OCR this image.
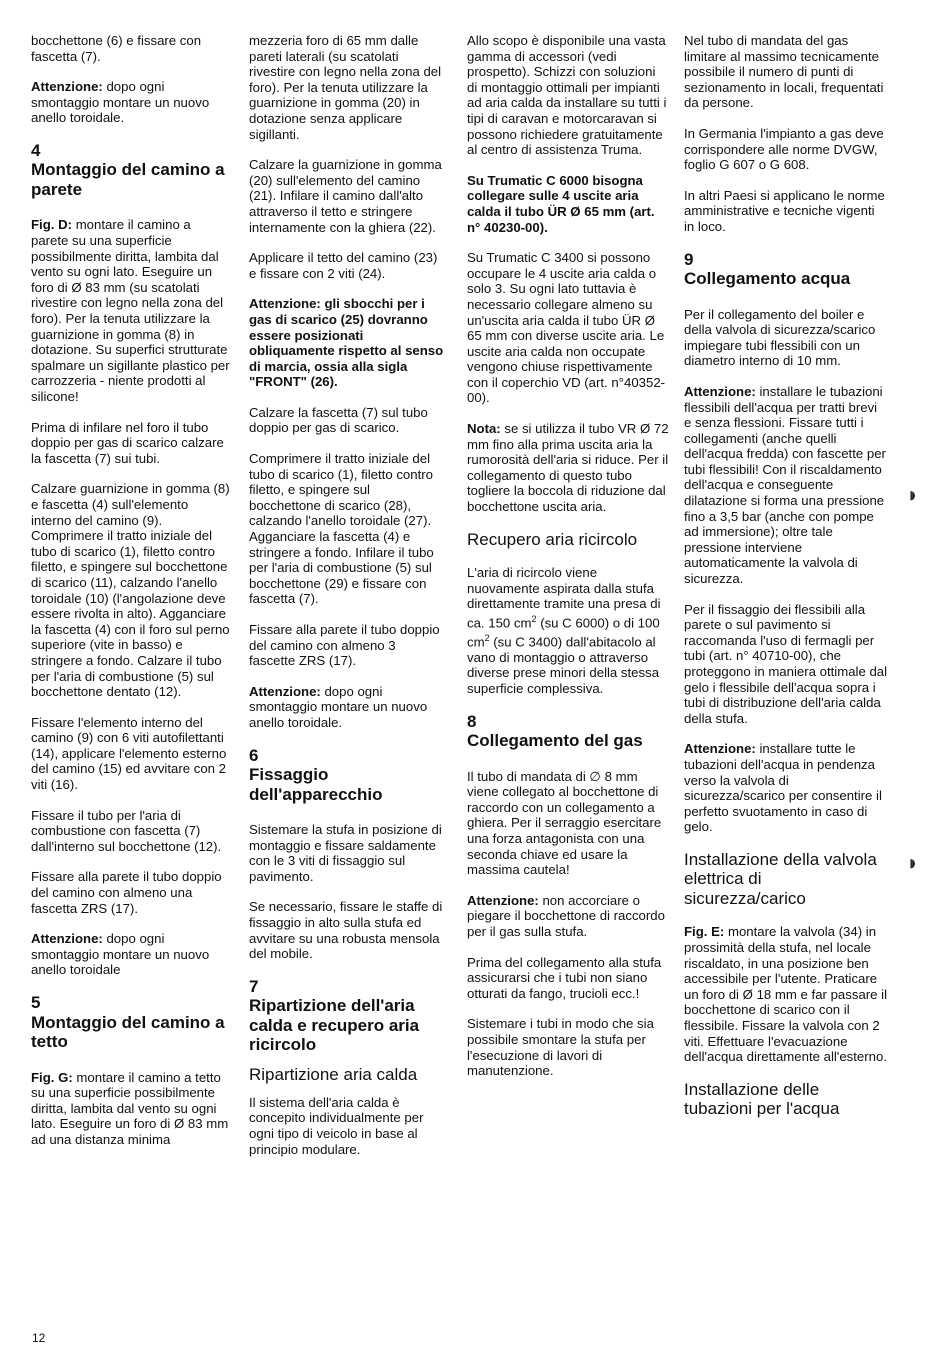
bocchettone (6) e fissare con fascetta (7).

Attenzione: dopo ogni smontaggio montare un nuovo anello toroidale.

4
Montaggio del camino a parete

Fig. D: montare il camino a parete su una superficie possibilmente diritta, lambita dal vento su ogni lato. Eseguire un foro di Ø 83 mm (su scatolati rivestire con legno nella zona del foro). Per la tenuta utilizzare la guarnizione in gomma (8) in dotazione. Su superfici strutturate spalmare un sigillante plastico per carrozzeria - niente prodotti al silicone!

Prima di infilare nel foro il tubo doppio per gas di scarico calzare la fascetta (7) sui tubi.

Calzare guarnizione in gomma (8) e fascetta (4) sull'elemento interno del camino (9). Comprimere il tratto iniziale del tubo di scarico (1), filetto contro filetto, e spingere sul bocchettone di scarico (11), calzando l'anello toroidale (10) (l'angolazione deve essere rivolta in alto). Agganciare la fascetta (4) con il foro sul perno superiore (vite in basso) e stringere a fondo. Calzare il tubo per l'aria di combustione (5) sul bocchettone dentato (12).

Fissare l'elemento interno del camino (9) con 6 viti autofilettanti (14), applicare l'elemento esterno del camino (15) ed avvitare con 2 viti (16).

Fissare il tubo per l'aria di combustione con fascetta (7) dall'interno sul bocchettone (12).

Fissare alla parete il tubo doppio del camino con almeno una fascetta ZRS (17).

Attenzione: dopo ogni smontaggio montare un nuovo anello toroidale

5
Montaggio del camino a tetto

Fig. G: montare il camino a tetto su una superficie possibilmente diritta, lambita dal vento su ogni lato. Eseguire un foro di Ø 83 mm ad una distanza minima

mezzeria foro di 65 mm dalle pareti laterali (su scatolati rivestire con legno nella zona del foro). Per la tenuta utilizzare la guarnizione in gomma (20) in dotazione senza applicare sigillanti.

Calzare la guarnizione in gomma (20) sull'elemento del camino (21). Infilare il camino dall'alto attraverso il tetto e stringere internamente con la ghiera (22).

Applicare il tetto del camino (23) e fissare con 2 viti (24).

Attenzione: gli sbocchi per i gas di scarico (25) dovranno essere posizionati obliquamente rispetto al senso di marcia, ossia alla sigla "FRONT" (26).

Calzare la fascetta (7) sul tubo doppio per gas di scarico.

Comprimere il tratto iniziale del tubo di scarico (1), filetto contro filetto, e spingere sul bocchettone di scarico (28), calzando l'anello toroidale (27). Agganciare la fascetta (4) e stringere a fondo. Infilare il tubo per l'aria di combustione (5) sul bocchettone (29) e fissare con fascetta (7).

Fissare alla parete il tubo doppio del camino con almeno 3 fascette ZRS (17).

Attenzione: dopo ogni smontaggio montare un nuovo anello toroidale.

6
Fissaggio dell'apparecchio

Sistemare la stufa in posizione di montaggio e fissare saldamente con le 3 viti di fissaggio sul pavimento.

Se necessario, fissare le staffe di fissaggio in alto sulla stufa ed avvitare su una robusta mensola del mobile.

7
Ripartizione dell'aria calda e recupero aria ricircolo
Ripartizione aria calda

Il sistema dell'aria calda è concepito individualmente per ogni tipo di veicolo in base al principio modulare.

Allo scopo è disponibile una vasta gamma di accessori (vedi prospetto). Schizzi con soluzioni di montaggio ottimali per impianti ad aria calda da installare su tutti i tipi di caravan e motorcaravan si possono richiedere gratuitamente al centro di assistenza Truma.

Su Trumatic C 6000 bisogna collegare sulle 4 uscite aria calda il tubo ÜR Ø 65 mm (art. n° 40230-00).

Su Trumatic C 3400 si possono occupare le 4 uscite aria calda o solo 3. Su ogni lato tuttavia è necessario collegare almeno su un'uscita aria calda il tubo ÜR Ø 65 mm con diverse uscite aria. Le uscite aria calda non occupate vengono chiuse rispettivamente con il coperchio VD (art. n°40352-00).

Nota: se si utilizza il tubo VR Ø 72 mm fino alla prima uscita aria la rumorosità dell'aria si riduce. Per il collegamento di questo tubo togliere la boccola di riduzione dal bocchettone uscita aria.

Recupero aria ricircolo

L'aria di ricircolo viene nuovamente aspirata dalla stufa direttamente tramite una presa di ca. 150 $cm^2$ (su C 6000) o di 100 $cm^2$ (su C 3400) dall'abitacolo al vano di montaggio o attraverso diverse prese minori della stessa superficie complessiva.

8
Collegamento del gas

Il tubo di mandata di ∅ 8 mm viene collegato al bocchettone di raccordo con un collegamento a ghiera. Per il serraggio esercitare una forza antagonista con una seconda chiave ed usare la massima cautela!

Attenzione: non accorciare o piegare il bocchettone di raccordo per il gas sulla stufa.

Prima del collegamento alla stufa assicurarsi che i tubi non siano otturati da fango, trucioli ecc.!

Sistemare i tubi in modo che sia possibile smontare la stufa per l'esecuzione di lavori di manutenzione.

Nel tubo di mandata del gas limitare al massimo tecnicamente possibile il numero di punti di sezionamento in locali, frequentati da persone.

In Germania l'impianto a gas deve corrispondere alle norme DVGW, foglio G 607 o G 608.

In altri Paesi si applicano le norme amministrative e tecniche vigenti in loco.

9
Collegamento acqua

Per il collegamento del boiler e della valvola di sicurezza/scarico impiegare tubi flessibili con un diametro interno di 10 mm.

Attenzione: installare le tubazioni flessibili dell'acqua per tratti brevi e senza flessioni. Fissare tutti i collegamenti (anche quelli dell'acqua fredda) con fascette per tubi flessibili! Con il riscaldamento dell'acqua e conseguente dilatazione si forma una pressione fino a 3,5 bar (anche con pompe ad immersione); oltre tale pressione interviene automaticamente la valvola di sicurezza.

Per il fissaggio dei flessibili alla parete o sul pavimento si raccomanda l'uso di fermagli per tubi (art. n° 40710-00), che proteggono in maniera ottimale dal gelo i flessibile dell'acqua sopra i tubi di distribuzione dell'aria calda della stufa.

Attenzione: installare tutte le tubazioni dell'acqua in pendenza verso la valvola di sicurezza/scarico per consentire il perfetto svuotamento in caso di gelo.

Installazione della valvola elettrica di sicurezza/carico

Fig. E: montare la valvola (34) in prossimità della stufa, nel locale riscaldato, in una posizione ben accessibile per l'utente. Praticare un foro di Ø 18 mm e far passare il bocchettone di scarico con il flessibile. Fissare la valvola con 2 viti. Effettuare l'evacuazione dell'acqua direttamente all'esterno.

Installazione delle tubazioni per l'acqua
◗
◗
12
